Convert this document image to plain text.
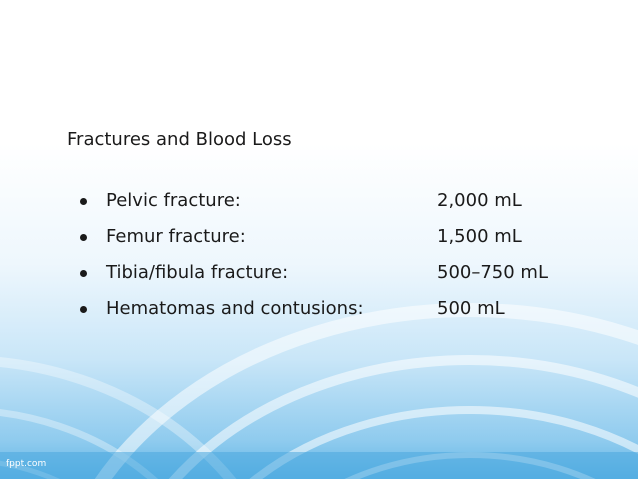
Fractures and Blood Loss
Pelvic fracture:	2,000 mL
Femur fracture:	1,500 mL
Tibia/fibula fracture:	500–750 mL
Hematomas and contusions:	500 mL
fppt.com
